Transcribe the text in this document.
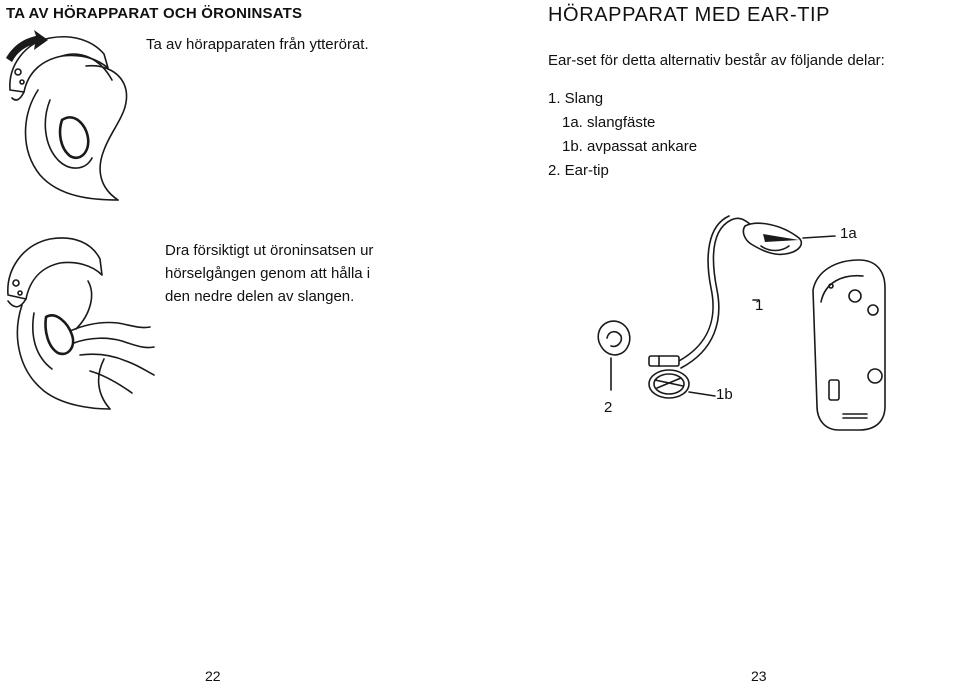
TA AV HÖRAPPARAT OCH ÖRONINSATS
Ta av hörapparaten från ytterörat.
Dra försiktigt ut öroninsatsen ur
hörselgången genom att hålla i
den nedre delen av slangen.
22
HÖRAPPARAT MED EAR-TIP
Ear-set för detta alternativ består av följande delar:
1. Slang
1a. slangfäste
1b. avpassat ankare
2. Ear-tip
1a
1
1b
2
23
